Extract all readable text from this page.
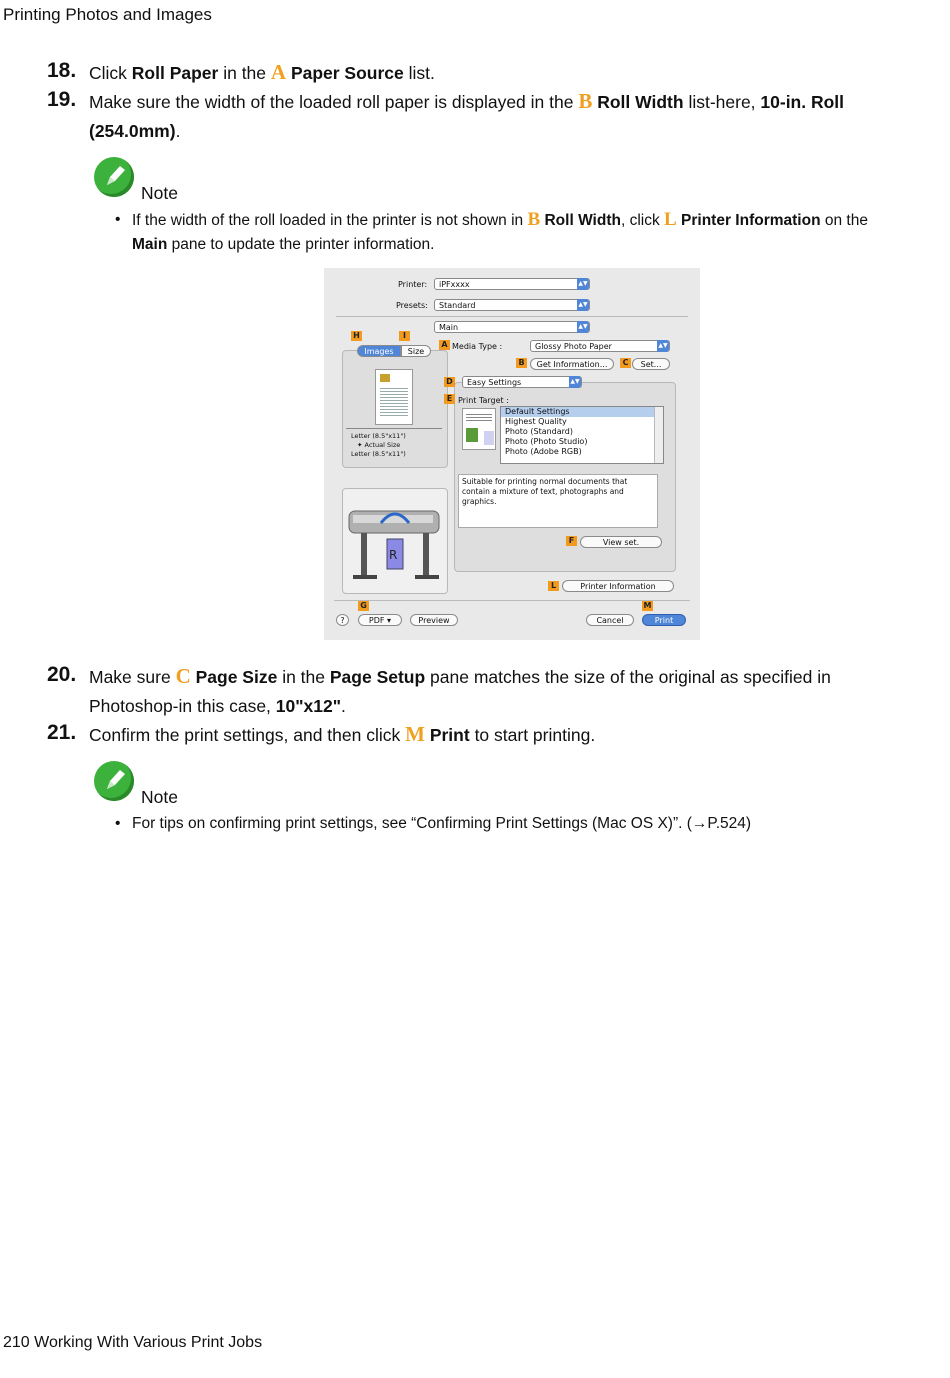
Printing Photos and Images
18. Click Roll Paper in the A Paper Source list.
19. Make sure the width of the loaded roll paper is displayed in the B Roll Width list-here, 10-in. Roll (254.0mm).
Note
• If the width of the roll loaded in the printer is not shown in B Roll Width, click L Printer Information on the Main pane to update the printer information.
Printer:	iPFxxxx	▲▼
Presets:	Standard	▲▼
Main	▲▼
H	I
Images	Size
Letter (8.5"x11")
✦ Actual Size
Letter (8.5"x11")
R
A Media Type :	Glossy Photo Paper	▲▼
B	Get Information...	C	Set...
D	Easy Settings	▲▼
E Print Target :

Default Settings
Highest Quality
Photo (Standard)
Photo (Photo Studio)
Photo (Adobe RGB)
Suitable for printing normal documents that contain a mixture of text, photographs and graphics.
F	View set.
L	Printer Information
G	M
?	PDF ▾	Preview	Cancel	Print
20. Make sure C Page Size in the Page Setup pane matches the size of the original as specified in Photoshop-in this case, 10"x12".
21. Confirm the print settings, and then click M Print to start printing.
Note
• For tips on confirming print settings, see “Confirming Print Settings (Mac OS X)”. (→P.524)
210 Working With Various Print Jobs
